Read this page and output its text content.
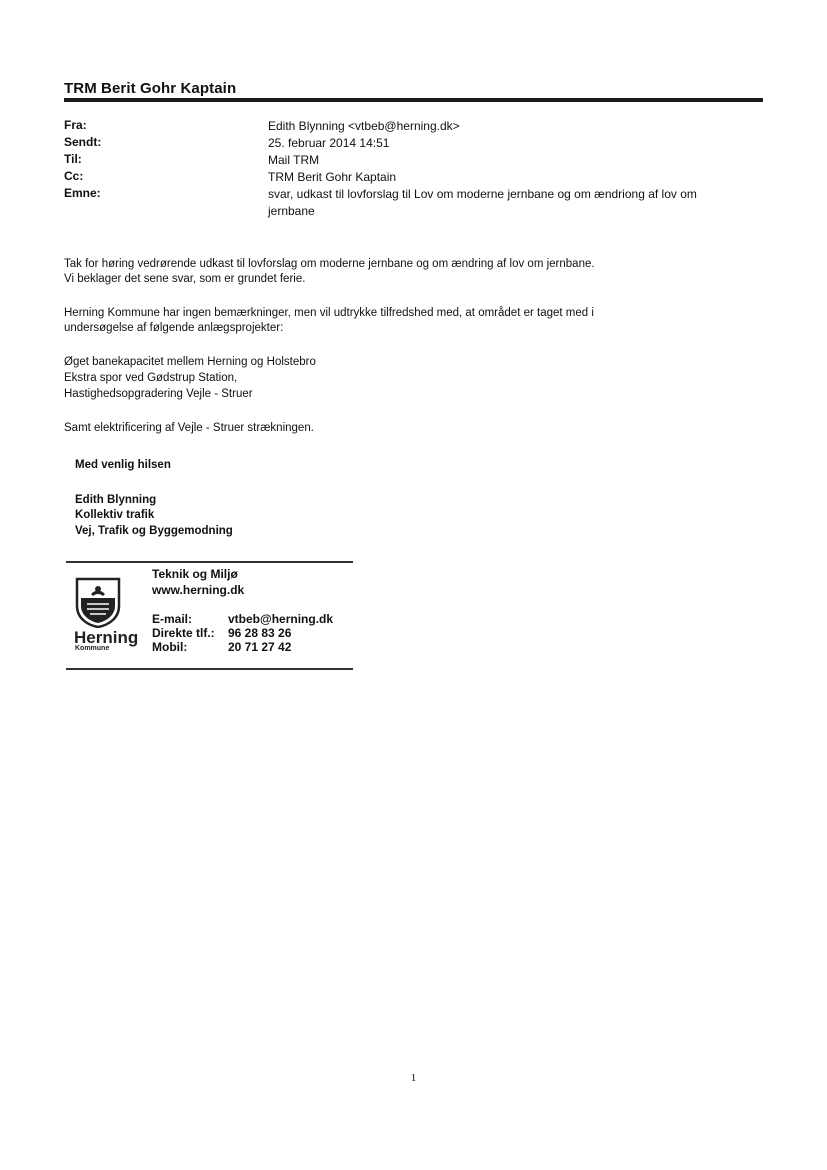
TRM Berit Gohr Kaptain
Fra:
Sendt:
Til:
Cc:
Emne:
Edith Blynning <vtbeb@herning.dk>
25. februar 2014 14:51
Mail TRM
TRM Berit Gohr Kaptain
svar, udkast til lovforslag til Lov om moderne jernbane og om ændriong af lov om
jernbane
Tak for høring vedrørende udkast til lovforslag om moderne jernbane og om ændring af lov om jernbane.
Vi beklager det sene svar, som er grundet ferie.
Herning Kommune har ingen bemærkninger, men vil udtrykke tilfredshed med, at området er taget med i
undersøgelse af følgende anlægsprojekter:
Øget banekapacitet mellem Herning og Holstebro
Ekstra spor ved Gødstrup Station,
Hastighedsopgradering Vejle - Struer
Samt elektrificering af Vejle - Struer strækningen.
Med venlig hilsen
Edith Blynning
Kollektiv trafik
Vej, Trafik og Byggemodning
Herning
Kommune
Teknik og Miljø
www.herning.dk
E-mail:	vtbeb@herning.dk
Direkte tlf.: 96 28 83 26
Mobil:	20 71 27 42
1
